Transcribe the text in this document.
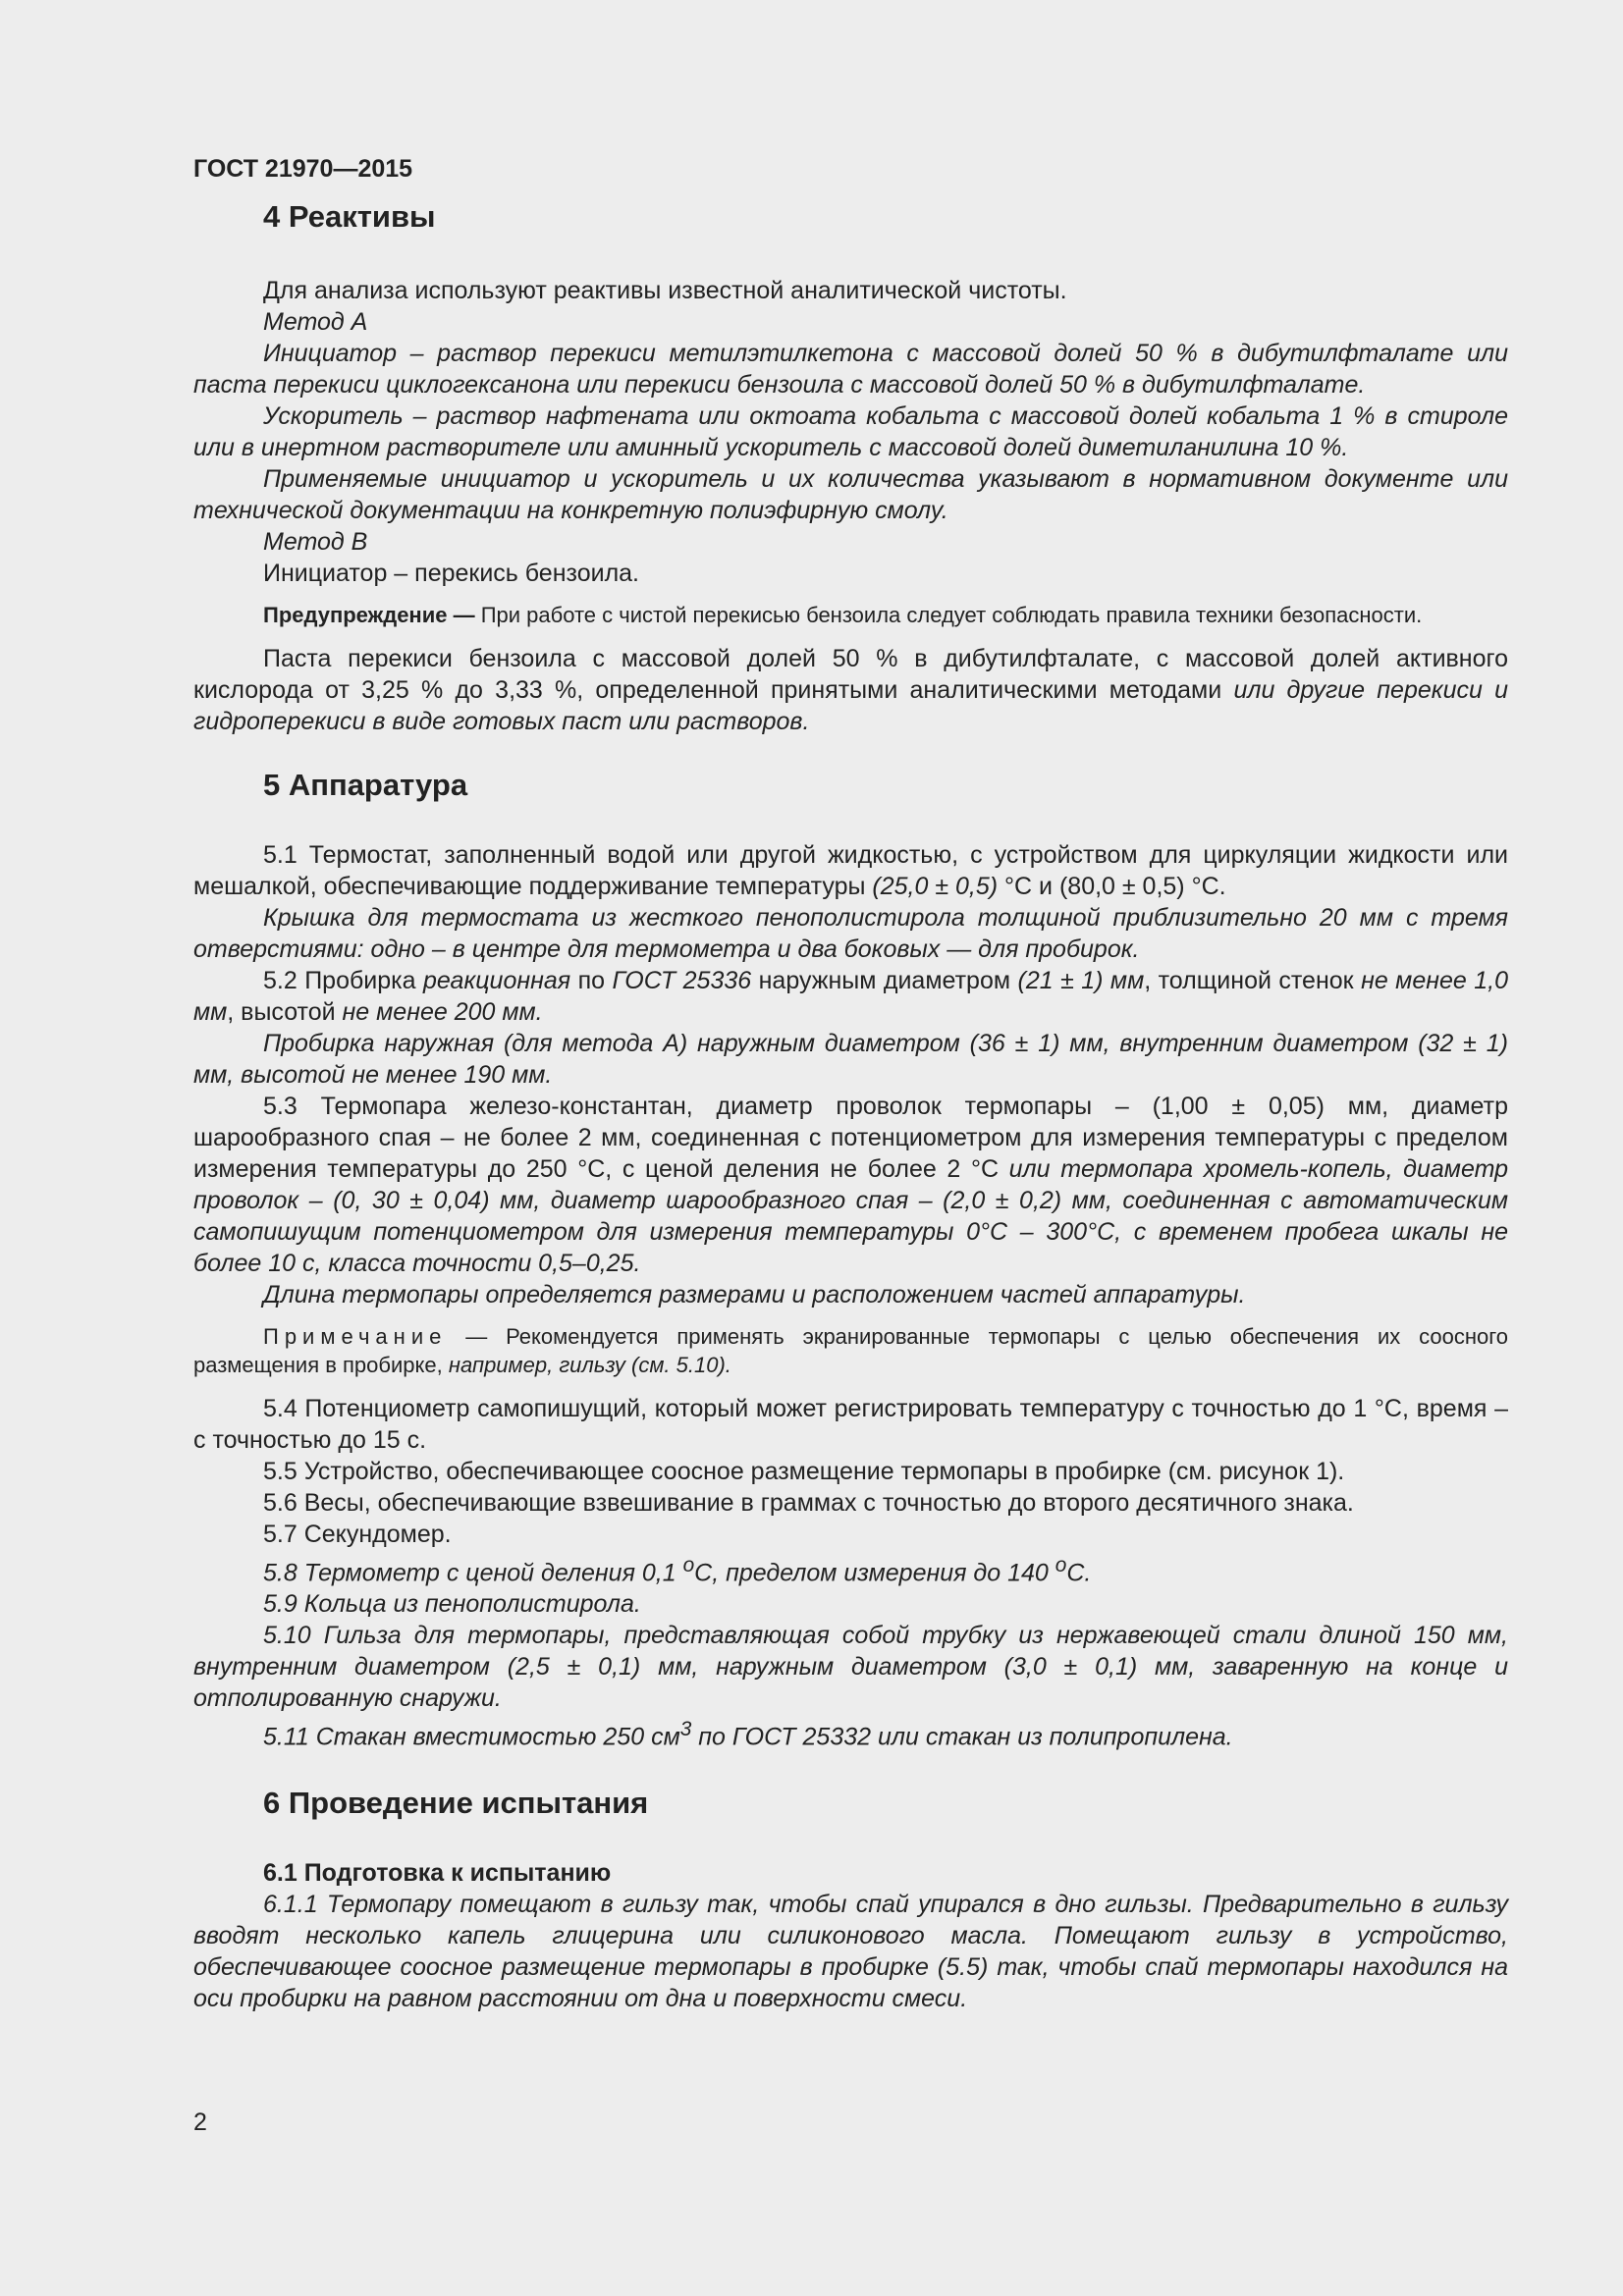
ГОСТ 21970—2015
4 Реактивы

Для анализа используют реактивы известной аналитической чистоты.

Метод А

Инициатор – раствор перекиси метилэтилкетона с массовой долей 50 % в дибутилфталате или паста перекиси циклогексанона или перекиси бензоила с массовой долей 50 % в дибутилфталате.

Ускоритель – раствор нафтената или октоата кобальта с массовой долей кобальта 1 % в стироле или в инертном растворителе или аминный ускоритель с массовой долей диметиланилина 10 %.

Применяемые инициатор и ускоритель и их количества указывают в нормативном документе или технической документации на конкретную полиэфирную смолу.

Метод В

Инициатор – перекись бензоила.

Предупреждение — При работе с чистой перекисью бензоила следует соблюдать правила техники безопасности.

Паста перекиси бензоила с массовой долей 50 % в дибутилфталате, с массовой долей активного кислорода от 3,25 % до 3,33 %, определенной принятыми аналитическими методами или другие перекиси и гидроперекиси в виде готовых паст или растворов.

5 Аппаратура

5.1 Термостат, заполненный водой или другой жидкостью, с устройством для циркуляции жидкости или мешалкой, обеспечивающие поддерживание температуры (25,0 ± 0,5) °С и (80,0 ± 0,5) °С.

Крышка для термостата из жесткого пенополистирола толщиной приблизительно 20 мм с тремя отверстиями: одно – в центре для термометра и два боковых — для пробирок.

5.2 Пробирка реакционная по ГОСТ 25336 наружным диаметром (21 ± 1) мм, толщиной стенок не менее 1,0 мм, высотой не менее 200 мм.

Пробирка наружная (для метода А) наружным диаметром (36 ± 1) мм, внутренним диаметром (32 ± 1) мм, высотой не менее 190 мм.

5.3 Термопара железо-константан, диаметр проволок термопары – (1,00 ± 0,05) мм, диаметр шарообразного спая – не более 2 мм, соединенная с потенциометром для измерения температуры с пределом измерения температуры до 250 °С, с ценой деления не более 2 °С или термопара хромель-копель, диаметр проволок – (0, 30 ± 0,04) мм, диаметр шарообразного спая – (2,0 ± 0,2) мм, соединенная с автоматическим самопишущим потенциометром для измерения температуры 0°С – 300°С, с временем пробега шкалы не более 10 с, класса точности 0,5–0,25.

Длина термопары определяется размерами и расположением частей аппаратуры.

Примечание — Рекомендуется применять экранированные термопары с целью обеспечения их соосного размещения в пробирке, например, гильзу (см. 5.10).

5.4 Потенциометр самопишущий, который может регистрировать температуру с точностью до 1 °С, время – с точностью до 15 с.

5.5 Устройство, обеспечивающее соосное размещение термопары в пробирке (см. рисунок 1).

5.6 Весы, обеспечивающие взвешивание в граммах с точностью до второго десятичного знака.

5.7 Секундомер.

5.8 Термометр с ценой деления 0,1 $^о$С, пределом измерения до 140 $^о$С.

5.9 Кольца из пенополистирола.

5.10 Гильза для термопары, представляющая собой трубку из нержавеющей стали длиной 150 мм, внутренним диаметром (2,5 ± 0,1) мм, наружным диаметром (3,0 ± 0,1) мм, заваренную на конце и отполированную снаружи.

5.11 Стакан вместимостью 250 $см^3$ по ГОСТ 25332 или стакан из полипропилена.

6 Проведение испытания
6.1 Подготовка к испытанию

6.1.1 Термопару помещают в гильзу так, чтобы спай упирался в дно гильзы. Предварительно в гильзу вводят несколько капель глицерина или силиконового масла. Помещают гильзу в устройство, обеспечивающее соосное размещение термопары в пробирке (5.5) так, чтобы спай термопары находился на оси пробирки на равном расстоянии от дна и поверхности смеси.

2
